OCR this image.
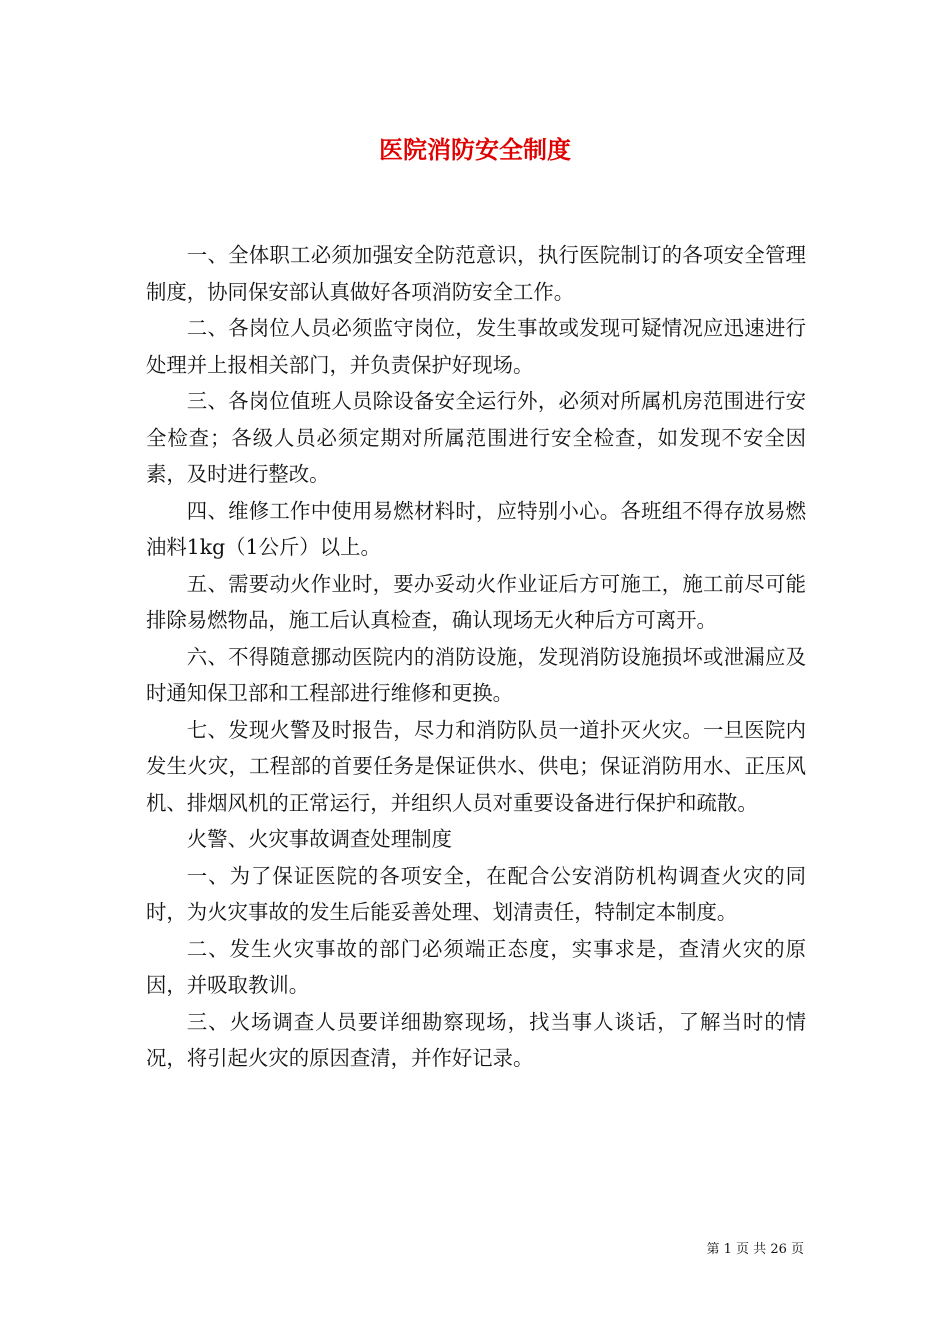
医院消防安全制度

一、全体职工必须加强安全防范意识，执行医院制订的各项安全管理制度，协同保安部认真做好各项消防安全工作。

二、各岗位人员必须监守岗位，发生事故或发现可疑情况应迅速进行处理并上报相关部门，并负责保护好现场。

三、各岗位值班人员除设备安全运行外，必须对所属机房范围进行安全检查；各级人员必须定期对所属范围进行安全检查，如发现不安全因素，及时进行整改。

四、维修工作中使用易燃材料时，应特别小心。各班组不得存放易燃油料1kg（1公斤）以上。

五、需要动火作业时，要办妥动火作业证后方可施工，施工前尽可能排除易燃物品，施工后认真检查，确认现场无火种后方可离开。

六、不得随意挪动医院内的消防设施，发现消防设施损坏或泄漏应及时通知保卫部和工程部进行维修和更换。

七、发现火警及时报告，尽力和消防队员一道扑灭火灾。一旦医院内发生火灾，工程部的首要任务是保证供水、供电；保证消防用水、正压风机、排烟风机的正常运行，并组织人员对重要设备进行保护和疏散。

火警、火灾事故调查处理制度

一、为了保证医院的各项安全，在配合公安消防机构调查火灾的同时，为火灾事故的发生后能妥善处理、划清责任，特制定本制度。

二、发生火灾事故的部门必须端正态度，实事求是，查清火灾的原因，并吸取教训。

三、火场调查人员要详细勘察现场，找当事人谈话，了解当时的情况，将引起火灾的原因查清，并作好记录。

第 1 页 共 26 页
